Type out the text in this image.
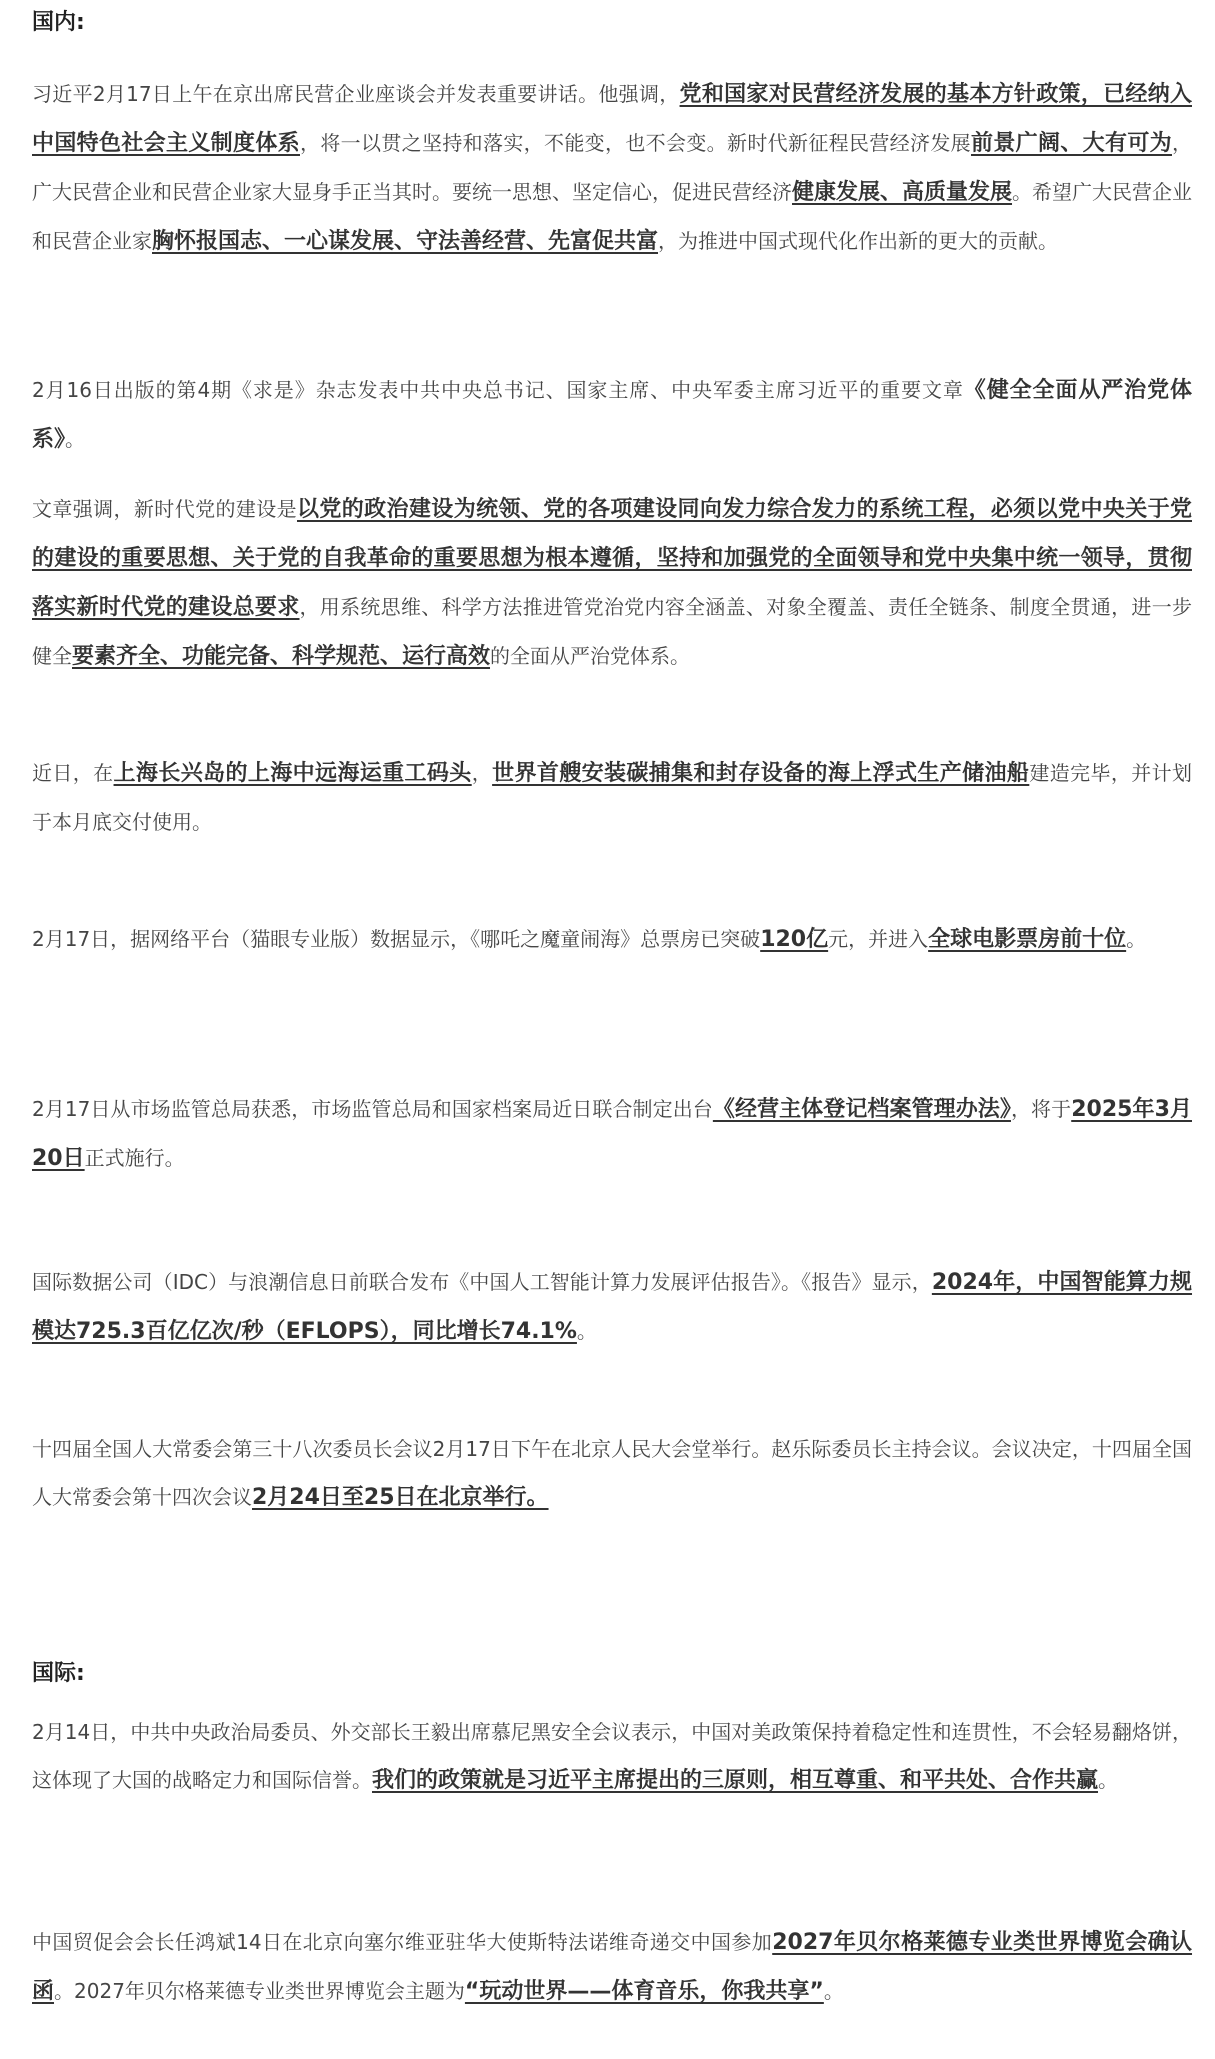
国内:

习近平2月17日上午在京出席民营企业座谈会并发表重要讲话。他强调，党和国家对民营经济发展的基本方针政策，已经纳入中国特色社会主义制度体系，将一以贯之坚持和落实，不能变，也不会变。新时代新征程民营经济发展前景广阔、大有可为，广大民营企业和民营企业家大显身手正当其时。要统一思想、坚定信心，促进民营经济健康发展、高质量发展。希望广大民营企业和民营企业家胸怀报国志、一心谋发展、守法善经营、先富促共富，为推进中国式现代化作出新的更大的贡献。

2月16日出版的第4期《求是》杂志发表中共中央总书记、国家主席、中央军委主席习近平的重要文章《健全全面从严治党体系》。

文章强调，新时代党的建设是以党的政治建设为统领、党的各项建设同向发力综合发力的系统工程，必须以党中央关于党的建设的重要思想、关于党的自我革命的重要思想为根本遵循，坚持和加强党的全面领导和党中央集中统一领导，贯彻落实新时代党的建设总要求，用系统思维、科学方法推进管党治党内容全涵盖、对象全覆盖、责任全链条、制度全贯通，进一步健全要素齐全、功能完备、科学规范、运行高效的全面从严治党体系。

近日，在上海长兴岛的上海中远海运重工码头，世界首艘安装碳捕集和封存设备的海上浮式生产储油船建造完毕，并计划于本月底交付使用。

2月17日，据网络平台（猫眼专业版）数据显示，《哪吒之魔童闹海》总票房已突破120亿元，并进入全球电影票房前十位。

2月17日从市场监管总局获悉，市场监管总局和国家档案局近日联合制定出台《经营主体登记档案管理办法》，将于2025年3月20日正式施行。

国际数据公司（IDC）与浪潮信息日前联合发布《中国人工智能计算力发展评估报告》。《报告》显示，2024年，中国智能算力规模达725.3百亿亿次/秒（EFLOPS），同比增长74.1%。

十四届全国人大常委会第三十八次委员长会议2月17日下午在北京人民大会堂举行。赵乐际委员长主持会议。会议决定，十四届全国人大常委会第十四次会议2月24日至25日在北京举行。

国际:

2月14日，中共中央政治局委员、外交部长王毅出席慕尼黑安全会议表示，中国对美政策保持着稳定性和连贯性，不会轻易翻烙饼，这体现了大国的战略定力和国际信誉。我们的政策就是习近平主席提出的三原则，相互尊重、和平共处、合作共赢。

中国贸促会会长任鸿斌14日在北京向塞尔维亚驻华大使斯特法诺维奇递交中国参加2027年贝尔格莱德专业类世界博览会确认函。2027年贝尔格莱德专业类世界博览会主题为“玩动世界——体育音乐，你我共享”。
